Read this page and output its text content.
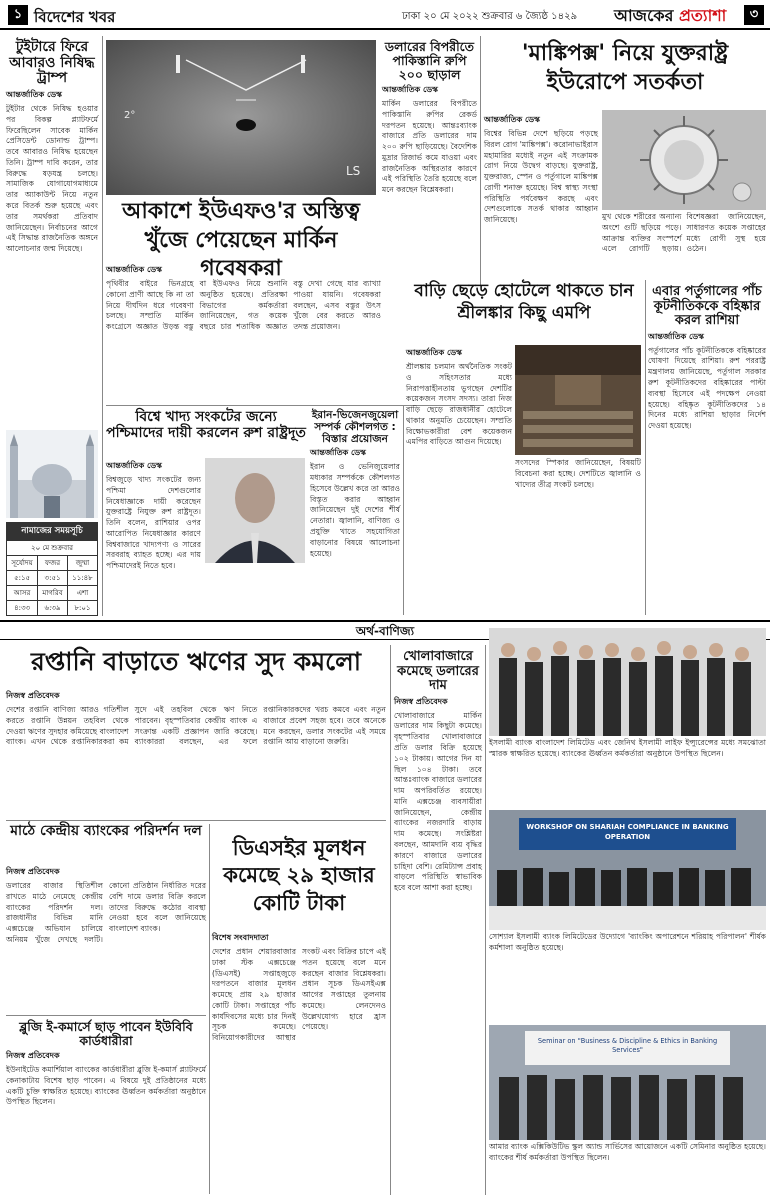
১ বিদেশের খবর	ঢাকা ২০ মে ২০২২ শুক্রবার ৬ জ্যৈষ্ঠ ১৪২৯ আজকের প্রত্যাশা	৩
টুইটারে ফিরে আবারও নিষিদ্ধ ট্রাম্প
আন্তর্জাতিক ডেস্ক
টুইটার থেকে নিষিদ্ধ হওয়ার পর বিকল্প প্ল্যাটফর্মে ফিরেছিলেন সাবেক মার্কিন প্রেসিডেন্ট ডোনাল্ড ট্রাম্প। তবে আবারও নিষিদ্ধ হয়েছেন তিনি। ট্রাম্প দাবি করেন, তার বিরুদ্ধে ষড়যন্ত্র চলছে। সামাজিক যোগাযোগমাধ্যমে তার অ্যাকাউন্ট নিয়ে নতুন করে বিতর্ক শুরু হয়েছে এবং তার সমর্থকরা প্রতিবাদ জানিয়েছেন। নির্বাচনের আগে এই সিদ্ধান্ত রাজনৈতিক অঙ্গনে আলোচনার জন্ম দিয়েছে।
নামাজের সময়সূচি
২০ মে শুক্রবার		
সূর্যোদয়	ফজর	জুম্মা
৫:১৫	৩:৫১	১১:৪৮
আসর	মাগরিব	এশা
৪:৩৩	৬:৩৯	৮:০১
2°
LS
আকাশে ইউএফও'র অস্তিত্ব খুঁজে পেয়েছেন মার্কিন গবেষকরা
আন্তর্জাতিক ডেস্ক
পৃথিবীর বাইরে ভিনগ্রহে কোনো প্রাণী আছে কি না তা নিয়ে দীর্ঘদিন ধরে গবেষণা চলছে। সম্প্রতি মার্কিন কংগ্রেসে অজ্ঞাত উড়ন্ত বস্তু বা ইউএফও নিয়ে শুনানি অনুষ্ঠিত হয়েছে। প্রতিরক্ষা বিভাগের কর্মকর্তারা জানিয়েছেন, গত কয়েক বছরে চার শতাধিক অজ্ঞাত বস্তু দেখা গেছে যার ব্যাখ্যা পাওয়া যায়নি। গবেষকরা বলছেন, এসব বস্তুর উৎস খুঁজে বের করতে আরও তদন্ত প্রয়োজন।
ডলারের বিপরীতে পাকিস্তানি রুপি ২০০ ছাড়াল
আন্তর্জাতিক ডেস্ক
মার্কিন ডলারের বিপরীতে পাকিস্তানি রুপির রেকর্ড দরপতন হয়েছে। আন্তঃব্যাংক বাজারে প্রতি ডলারের দাম ২০০ রুপি ছাড়িয়েছে। বৈদেশিক মুদ্রার রিজার্ভ কমে যাওয়া এবং রাজনৈতিক অস্থিরতার কারণে এই পরিস্থিতি তৈরি হয়েছে বলে মনে করছেন বিশ্লেষকরা।
'মাঙ্কিপক্স' নিয়ে যুক্তরাষ্ট্র ইউরোপে সতর্কতা
আন্তর্জাতিক ডেস্ক
বিশ্বের বিভিন্ন দেশে ছড়িয়ে পড়ছে বিরল রোগ 'মাঙ্কিপক্স'। করোনাভাইরাস মহামারির মধ্যেই নতুন এই সংক্রামক রোগ নিয়ে উদ্বেগ বাড়ছে। যুক্তরাষ্ট্র, যুক্তরাজ্য, স্পেন ও পর্তুগালে মাঙ্কিপক্স রোগী শনাক্ত হয়েছে। বিশ্ব স্বাস্থ্য সংস্থা পরিস্থিতি পর্যবেক্ষণ করছে এবং দেশগুলোকে সতর্ক থাকার আহ্বান জানিয়েছে।	মুখ থেকে শরীরের অন্যান্য অংশে গুটি ছড়িয়ে পড়ে। আক্রান্ত ব্যক্তির সংস্পর্শে এলে রোগটি ছড়ায়। বিশেষজ্ঞরা জানিয়েছেন, সাধারণত কয়েক সপ্তাহের মধ্যে রোগী সুস্থ হয়ে ওঠেন।
বিশ্বে খাদ্য সংকটের জন্যে পশ্চিমাদের দায়ী করলেন রুশ রাষ্ট্রদূত
আন্তর্জাতিক ডেস্ক
বিশ্বজুড়ে খাদ্য সংকটের জন্য পশ্চিমা দেশগুলোর নিষেধাজ্ঞাকে দায়ী করেছেন যুক্তরাষ্ট্রে নিযুক্ত রুশ রাষ্ট্রদূত। তিনি বলেন, রাশিয়ার ওপর আরোপিত নিষেধাজ্ঞার কারণে বিশ্ববাজারে খাদ্যপণ্য ও সারের সরবরাহ ব্যাহত হচ্ছে। এর দায় পশ্চিমাদেরই নিতে হবে।
ইরান-ভিজেনজুয়েলা সম্পর্ক কৌশলগত : বিস্তার প্রয়োজন
আন্তর্জাতিক ডেস্ক
ইরান ও ভেনিজুয়েলার মধ্যকার সম্পর্ককে কৌশলগত হিসেবে উল্লেখ করে তা আরও বিস্তৃত করার আহ্বান জানিয়েছেন দুই দেশের শীর্ষ নেতারা। জ্বালানি, বাণিজ্য ও প্রযুক্তি খাতে সহযোগিতা বাড়ানোর বিষয়ে আলোচনা হয়েছে।
বাড়ি ছেড়ে হোটেলে থাকতে চান শ্রীলঙ্কার কিছু এমপি
আন্তর্জাতিক ডেস্ক
শ্রীলঙ্কায় চলমান অর্থনৈতিক সংকট ও সহিংসতার মধ্যে নিরাপত্তাহীনতায় ভুগছেন দেশটির কয়েকজন সংসদ সদস্য। তারা নিজ বাড়ি ছেড়ে রাজধানীর হোটেলে থাকার অনুমতি চেয়েছেন। সম্প্রতি বিক্ষোভকারীরা বেশ কয়েকজন এমপির বাড়িতে আগুন দিয়েছে।
সংসদের স্পিকার জানিয়েছেন, বিষয়টি বিবেচনা করা হচ্ছে। দেশটিতে জ্বালানি ও খাদ্যের তীব্র সংকট চলছে।
এবার পর্তুগালের পাঁচ কূটনীতিককে বহিষ্কার করল রাশিয়া
আন্তর্জাতিক ডেস্ক
পর্তুগালের পাঁচ কূটনীতিককে বহিষ্কারের ঘোষণা দিয়েছে রাশিয়া। রুশ পররাষ্ট্র মন্ত্রণালয় জানিয়েছে, পর্তুগাল সরকার রুশ কূটনীতিকদের বহিষ্কারের পাল্টা ব্যবস্থা হিসেবে এই পদক্ষেপ নেওয়া হয়েছে। বহিষ্কৃত কূটনীতিকদের ১৪ দিনের মধ্যে রাশিয়া ছাড়ার নির্দেশ দেওয়া হয়েছে।
অর্থ-বাণিজ্য
রপ্তানি বাড়াতে ঋণের সুদ কমলো
নিজস্ব প্রতিবেদক
দেশের রপ্তানি বাণিজ্য আরও গতিশীল করতে রপ্তানি উন্নয়ন তহবিল থেকে দেওয়া ঋণের সুদহার কমিয়েছে বাংলাদেশ ব্যাংক। এখন থেকে রপ্তানিকারকরা কম সুদে এই তহবিল থেকে ঋণ নিতে পারবেন। বৃহস্পতিবার কেন্দ্রীয় ব্যাংক এ সংক্রান্ত একটি প্রজ্ঞাপন জারি করেছে। ব্যাংকাররা বলছেন, এর ফলে রপ্তানিকারকদের খরচ কমবে এবং নতুন বাজারে প্রবেশ সহজ হবে। তবে অনেকে মনে করছেন, ডলার সংকটের এই সময়ে রপ্তানি আয় বাড়ানো জরুরি।
খোলাবাজারে কমেছে ডলারের দাম
নিজস্ব প্রতিবেদক
খোলাবাজারে মার্কিন ডলারের দাম কিছুটা কমেছে। বৃহস্পতিবার খোলাবাজারে প্রতি ডলার বিক্রি হয়েছে ১০২ টাকায়। আগের দিন যা ছিল ১০৪ টাকা। তবে আন্তঃব্যাংক বাজারে ডলারের দাম অপরিবর্তিত রয়েছে। মানি এক্সচেঞ্জ ব্যবসায়ীরা জানিয়েছেন, কেন্দ্রীয় ব্যাংকের নজরদারি বাড়ায় দাম কমেছে। সংশ্লিষ্টরা বলছেন, আমদানি ব্যয় বৃদ্ধির কারণে বাজারে ডলারের চাহিদা বেশি। রেমিট্যান্স প্রবাহ বাড়লে পরিস্থিতি স্বাভাবিক হবে বলে আশা করা হচ্ছে।
ইসলামী ব্যাংক বাংলাদেশ লিমিটেড এবং জেনিথ ইসলামী লাইফ ইন্স্যুরেন্সের মধ্যে সমঝোতা স্মারক স্বাক্ষরিত হয়েছে। ব্যাংকের ঊর্ধ্বতন কর্মকর্তারা অনুষ্ঠানে উপস্থিত ছিলেন।
WORKSHOP ON SHARIAH COMPLIANCE IN BANKING OPERATION
সোশ্যাল ইসলামী ব্যাংক লিমিটেডের উদ্যোগে 'ব্যাংকিং অপারেশনে শরিয়াহ পরিপালন' শীর্ষক কর্মশালা অনুষ্ঠিত হয়েছে।
Seminar on "Business & Discipline & Ethics in Banking Services"
আমার ব্যাংক এক্সিকিউটিভ স্কুল অ্যান্ড সার্ভিসের আয়োজনে একটি সেমিনার অনুষ্ঠিত হয়েছে। ব্যাংকের শীর্ষ কর্মকর্তারা উপস্থিত ছিলেন।
মাঠে কেন্দ্রীয় ব্যাংকের পরিদর্শন দল
নিজস্ব প্রতিবেদক
ডলারের বাজার স্থিতিশীল রাখতে মাঠে নেমেছে কেন্দ্রীয় ব্যাংকের পরিদর্শন দল। রাজধানীর বিভিন্ন মানি এক্সচেঞ্জে অভিযান চালিয়ে অনিয়ম খুঁজে দেখছে দলটি। কোনো প্রতিষ্ঠান নির্ধারিত দরের বেশি দামে ডলার বিক্রি করলে তাদের বিরুদ্ধে কঠোর ব্যবস্থা নেওয়া হবে বলে জানিয়েছে বাংলাদেশ ব্যাংক।
ডিএসইর মূলধন কমেছে ২৯ হাজার কোটি টাকা
বিশেষ সংবাদদাতা
দেশের প্রধান শেয়ারবাজার ঢাকা স্টক এক্সচেঞ্জে (ডিএসই) সপ্তাহজুড়ে দরপতনে বাজার মূলধন কমেছে প্রায় ২৯ হাজার কোটি টাকা। সপ্তাহের পাঁচ কার্যদিবসের মধ্যে চার দিনই সূচক কমেছে। বিনিয়োগকারীদের আস্থার সংকট এবং বিক্রির চাপে এই পতন হয়েছে বলে মনে করছেন বাজার বিশ্লেষকরা। প্রধান সূচক ডিএসইএক্স আগের সপ্তাহের তুলনায় কমেছে। লেনদেনও উল্লেখযোগ্য হারে হ্রাস পেয়েছে।
ব্লুজি ই-কমার্সে ছাড় পাবেন ইউবিবি কার্ডধারীরা
নিজস্ব প্রতিবেদক
ইউনাইটেড কমার্শিয়াল ব্যাংকের কার্ডধারীরা ব্লুজি ই-কমার্স প্ল্যাটফর্মে কেনাকাটায় বিশেষ ছাড় পাবেন। এ বিষয়ে দুই প্রতিষ্ঠানের মধ্যে একটি চুক্তি স্বাক্ষরিত হয়েছে। ব্যাংকের ঊর্ধ্বতন কর্মকর্তারা অনুষ্ঠানে উপস্থিত ছিলেন।
